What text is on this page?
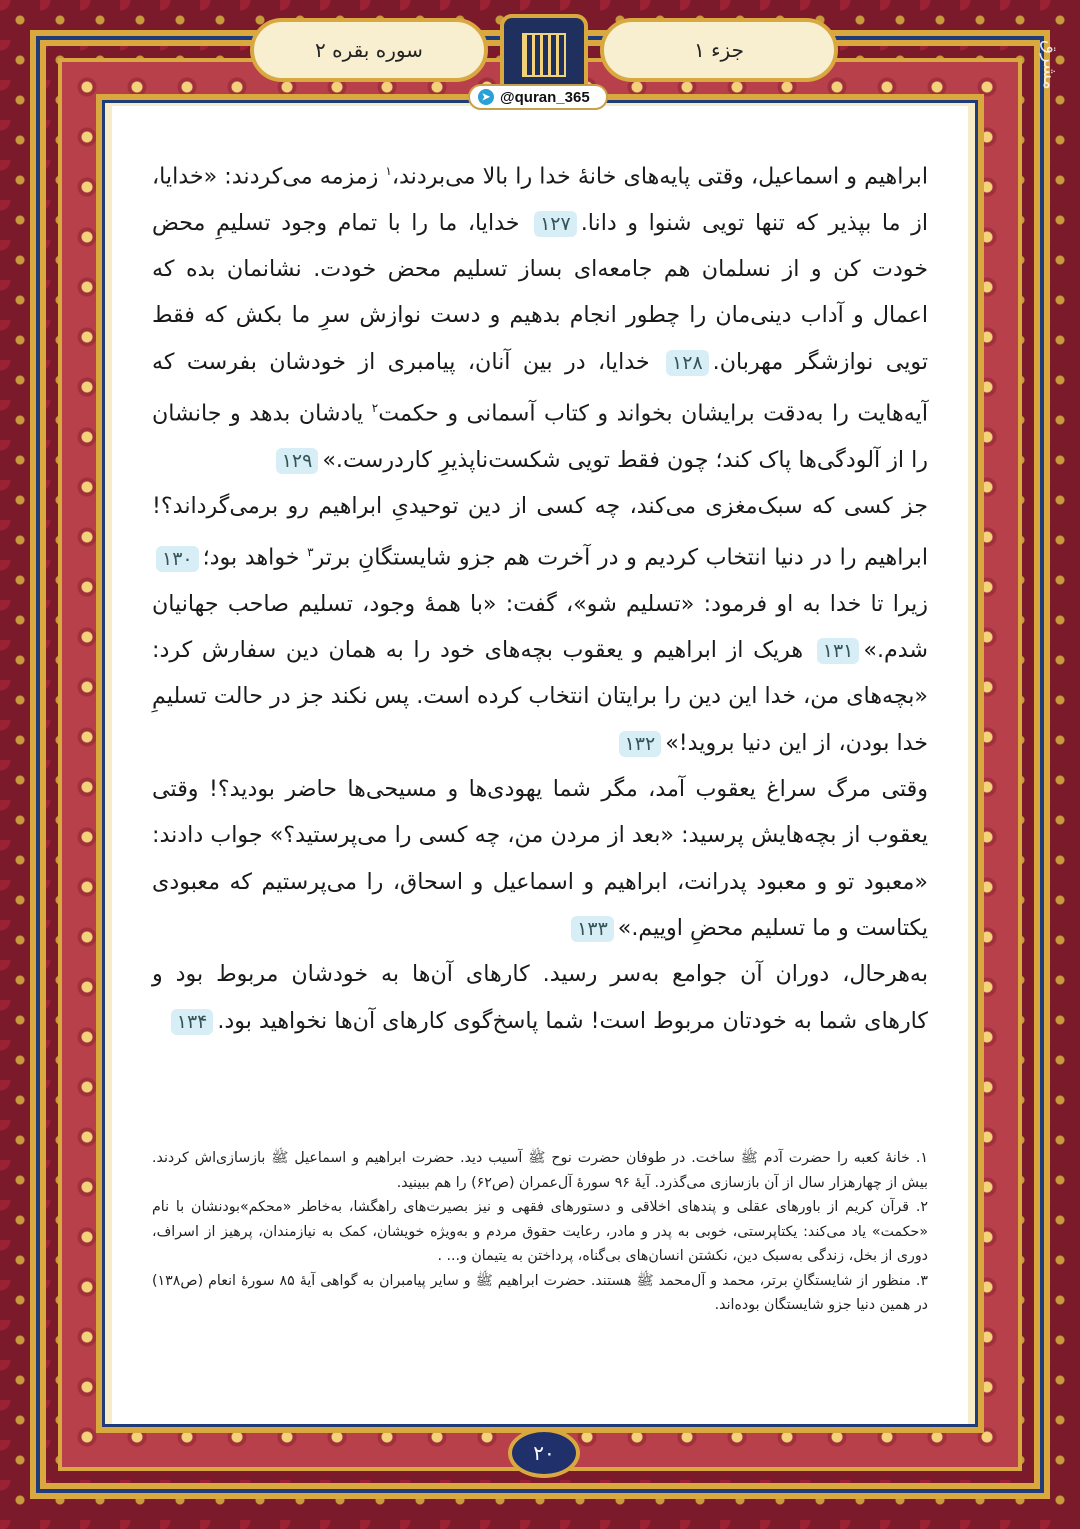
سوره بقره ۲	جزء ۱
➤ @quran_365
مشرق

ابراهیم و اسماعیل، وقتی پایه‌های خانهٔ خدا را بالا می‌بردند،$^۱$ زمزمه می‌کردند: «خدایا، از ما بپذیر که تنها تویی شنوا و دانا.۱۲۷ خدایا، ما را با تمام وجود تسلیمِ محض خودت کن و از نسلمان هم جامعه‌ای بساز تسلیم محض خودت. نشانمان بده که اعمال و آداب دینی‌مان را چطور انجام بدهیم و دست نوازش سرِ ما بکش که فقط تویی نوازشگر مهربان.۱۲۸ خدایا، در بین آنان، پیامبری از خودشان بفرست که آیه‌هایت را به‌دقت برایشان بخواند و کتاب آسمانی و حکمت$^۲$ یادشان بدهد و جانشان را از آلودگی‌ها پاک کند؛ چون فقط تویی شکست‌ناپذیرِ کاردرست.»۱۲۹

جز کسی که سبک‌مغزی می‌کند، چه کسی از دین توحیدیِ ابراهیم رو برمی‌گرداند؟! ابراهیم را در دنیا انتخاب کردیم و در آخرت هم جزو شایستگانِ برتر$^۳$ خواهد بود؛۱۳۰ زیرا تا خدا به او فرمود: «تسلیم شو»، گفت: «با همهٔ وجود، تسلیم صاحب جهانیان شدم.»۱۳۱ هریک از ابراهیم و یعقوب بچه‌های خود را به همان دین سفارش کرد: «بچه‌های من، خدا این دین را برایتان انتخاب کرده است. پس نکند جز در حالت تسلیمِ خدا بودن، از این دنیا بروید!»۱۳۲

وقتی مرگ سراغ یعقوب آمد، مگر شما یهودی‌ها و مسیحی‌ها حاضر بودید؟! وقتی یعقوب از بچه‌هایش پرسید: «بعد از مردن من، چه کسی را می‌پرستید؟» جواب دادند: «معبود تو و معبود پدرانت، ابراهیم و اسماعیل و اسحاق، را می‌پرستیم که معبودی یکتاست و ما تسلیم محضِ اوییم.»۱۳۳

به‌هرحال، دوران آن جوامع به‌سر رسید. کارهای آن‌ها به خودشان مربوط بود و کارهای شما به خودتان مربوط است! شما پاسخ‌گوی کارهای آن‌ها نخواهید بود.۱۳۴

۱. خانهٔ کعبه را حضرت آدم ﷺ ساخت. در طوفان حضرت نوح ﷺ آسیب دید. حضرت ابراهیم و اسماعیل ﷺ بازسازی‌اش کردند. بیش از چهارهزار سال از آن بازسازی می‌گذرد. آیهٔ ۹۶ سورهٔ آل‌عمران (ص۶۲) را هم ببینید.

۲. قرآن کریم از باورهای عقلی و پندهای اخلاقی و دستورهای فقهی و نیز بصیرت‌های راهگشا، به‌خاطر «محکم»بودنشان با نام «حکمت» یاد می‌کند: یکتاپرستی، خوبی به پدر و مادر، رعایت حقوق مردم و به‌ویژه خویشان، کمک به نیازمندان، پرهیز از اسراف، دوری از بخل، زندگی به‌سبک دین، نکشتن انسان‌های بی‌گناه، پرداختن به یتیمان و... .

۳. منظور از شایستگانِ برتر، محمد و آل‌محمد ﷺ هستند. حضرت ابراهیم ﷺ و سایر پیامبران به گواهی آیهٔ ۸۵ سورهٔ انعام (ص۱۳۸) در همین دنیا جزو شایستگان بوده‌اند.

۲۰
